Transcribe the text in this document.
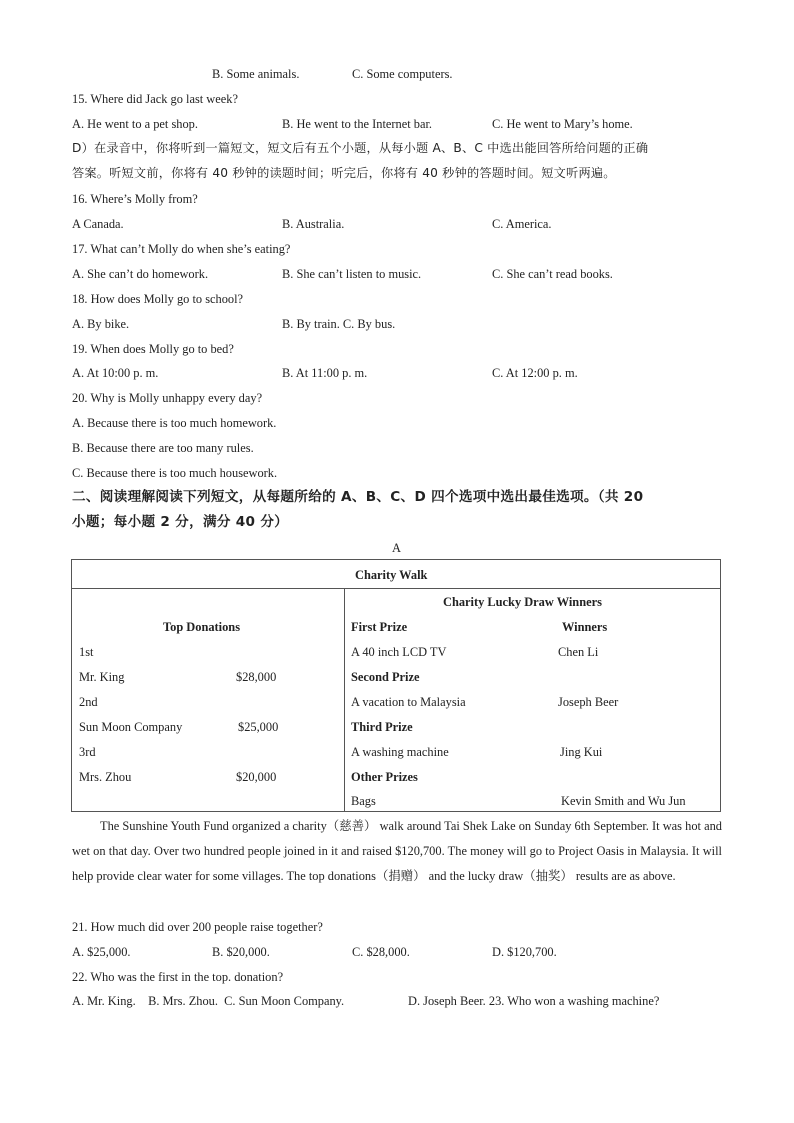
B. Some animals.	C. Some computers.
15. Where did Jack go last week?
A. He went to a pet shop.	B. He went to the Internet bar.	C. He went to Mary’s home.
D）在录音中，你将听到一篇短文，短文后有五个小题，从每小题 A、B、C 中选出能回答所给问题的正确
答案。听短文前，你将有 40 秒钟的读题时间；听完后，你将有 40 秒钟的答题时间。短文听两遍。
16. Where’s Molly from?
A Canada.	B. Australia.	C. America.
17. What can’t Molly do when she’s eating?
A. She can’t do homework.	B. She can’t listen to music.	C. She can’t read books.
18. How does Molly go to school?
A. By bike.	B. By train. C. By bus.
19. When does Molly go to bed?
A. At 10:00 p. m.	B. At 11:00 p. m.	C. At 12:00 p. m.
20. Why is Molly unhappy every day?
A. Because there is too much homework.
B. Because there are too many rules.
C. Because there is too much housework.
二、阅读理解阅读下列短文，从每题所给的 A、B、C、D 四个选项中选出最佳选项。（共 20
小题；每小题 2 分，满分 40 分）
A
Charity Walk
Top Donations
1st
Mr. King	$28,000
2nd
Sun Moon Company	$25,000
3rd
Mrs. Zhou	$20,000
Charity Lucky Draw Winners
First Prize	Winners
A 40 inch LCD TV	Chen Li
Second Prize
A vacation to Malaysia	Joseph Beer
Third Prize
A washing machine	Jing Kui
Other Prizes
Bags	Kevin Smith and Wu Jun
The Sunshine Youth Fund organized a charity（慈善） walk around Tai Shek Lake on Sunday 6th September. It was hot and wet on that day. Over two hundred people joined in it and raised $120,700. The money will go to Project Oasis in Malaysia. It will help provide clear water for some villages. The top donations（捐赠） and the lucky draw（抽奖） results are as above.
21. How much did over 200 people raise together?
A. $25,000.	B. $20,000.	C. $28,000.	D. $120,700.
22. Who was the first in the top. donation?
A. Mr. King.    B. Mrs. Zhou.  C. Sun Moon Company.	D. Joseph Beer. 23. Who won a washing machine?
